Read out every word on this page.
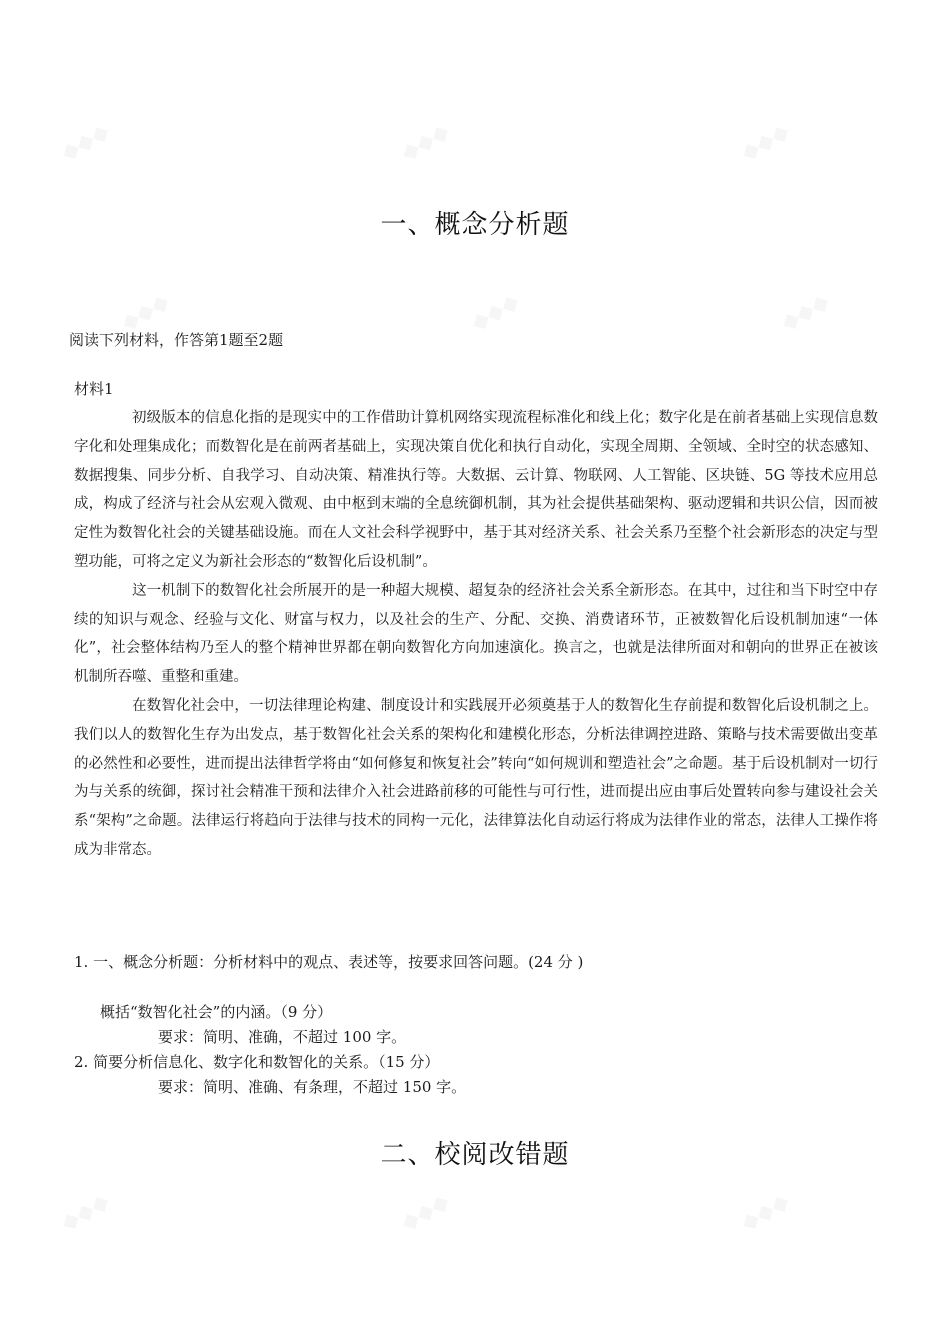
一、概念分析题
阅读下列材料，作答第1题至2题
材料1

初级版本的信息化指的是现实中的工作借助计算机网络实现流程标准化和线上化；数字化是在前者基础上实现信息数字化和处理集成化；而数智化是在前两者基础上，实现决策自优化和执行自动化，实现全周期、全领域、全时空的状态感知、数据搜集、同步分析、自我学习、自动决策、精准执行等。大数据、云计算、物联网、人工智能、区块链、5G 等技术应用总成，构成了经济与社会从宏观入微观、由中枢到末端的全息统御机制，其为社会提供基础架构、驱动逻辑和共识公信，因而被定性为数智化社会的关键基础设施。而在人文社会科学视野中，基于其对经济关系、社会关系乃至整个社会新形态的决定与型塑功能，可将之定义为新社会形态的“数智化后设机制”。

这一机制下的数智化社会所展开的是一种超大规模、超复杂的经济社会关系全新形态。在其中，过往和当下时空中存续的知识与观念、经验与文化、财富与权力，以及社会的生产、分配、交换、消费诸环节，正被数智化后设机制加速“一体化”，社会整体结构乃至人的整个精神世界都在朝向数智化方向加速演化。换言之，也就是法律所面对和朝向的世界正在被该机制所吞噬、重整和重建。

在数智化社会中，一切法律理论构建、制度设计和实践展开必须奠基于人的数智化生存前提和数智化后设机制之上。我们以人的数智化生存为出发点，基于数智化社会关系的架构化和建模化形态，分析法律调控进路、策略与技术需要做出变革的必然性和必要性，进而提出法律哲学将由“如何修复和恢复社会”转向“如何规训和塑造社会”之命题。基于后设机制对一切行为与关系的统御，探讨社会精准干预和法律介入社会进路前移的可能性与可行性，进而提出应由事后处置转向参与建设社会关系“架构”之命题。法律运行将趋向于法律与技术的同构一元化，法律算法化自动运行将成为法律作业的常态，法律人工操作将成为非常态。

1. 一、概念分析题：分析材料中的观点、表述等，按要求回答问题。(24 分 )
概括“数智化社会”的内涵。（9 分）
要求：简明、准确，不超过 100 字。
2. 简要分析信息化、数字化和数智化的关系。（15 分）
要求：简明、准确、有条理，不超过 150 字。
二、校阅改错题
